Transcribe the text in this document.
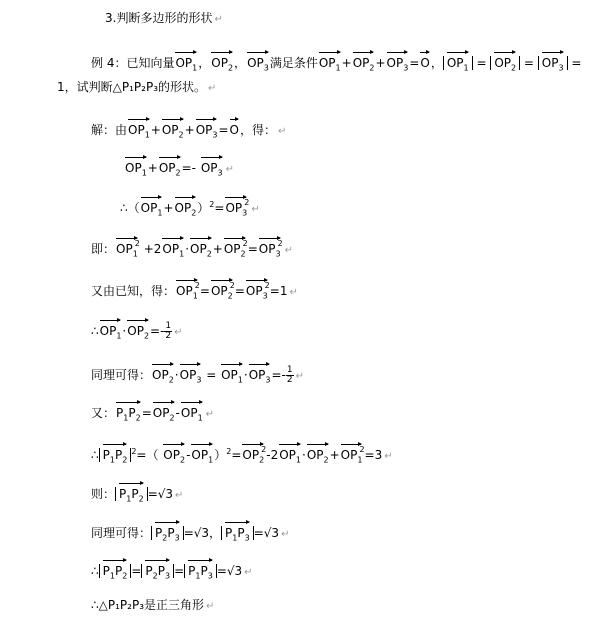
3.判断多边形的形状 ↵
例 4：已知向量$OP_1$，$OP_2$，$OP_3$满足条件$OP_1+OP_2+OP_3=O$， $OP_1 = OP_2 = OP_3$ =
1，试判断△P₁P₂P₃的形状。 ↵
解：由$OP_1+OP_2+OP_3=O$，得： ↵
$OP_1+OP_2=-$ $OP_3$ ↵
$\therefore(OP_1+OP_2)^2=OP_3^2↵$
即：$OP_1^2$ $+2OP_1\cdot OP_2+OP_2^2=OP_3^2↵$
又由已知，得：$OP_1^2=OP_2^2=OP_3^2=1$ ↵
$\therefore OP_1\cdot OP_2=- \frac{1}{2}$ ↵
同理可得：$OP_2\cdot OP_3 = OP_1\cdot OP_3=- \frac{1}{2}$ ↵
又：$P_1P_2=OP_2-OP_1$ ↵
∴ $P_1P_2^2=$（ $OP_2-OP_1)^2=OP_2^2-2OP_1\cdot OP_2+OP_1^2=3$ ↵
则： $P_1P_2 =√3$ ↵
同理可得： $P_2P_3 =√3$， $P_1P_3 =√3$ ↵
∴ $P_1P_2 = P_2P_3 = P_1P_3 =√3$ ↵
∴△P₁P₂P₃是正三角形 ↵
